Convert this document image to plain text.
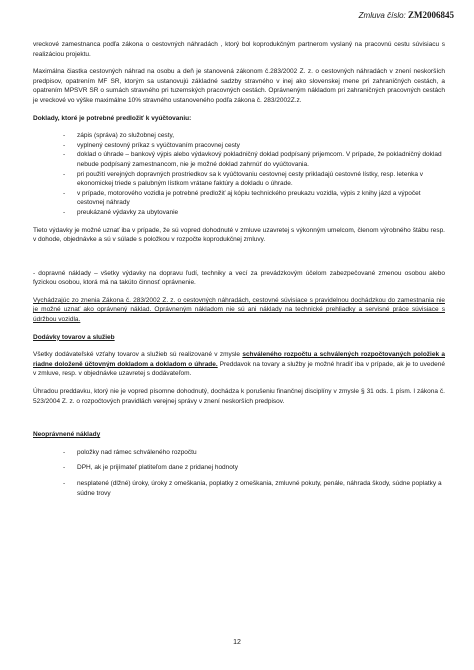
Zmluva číslo: ZM2006845

vreckové zamestnanca podľa zákona o cestovných náhradách , ktorý bol koprodukčným partnerom vyslaný na pracovnú cestu súvisiacu s realizáciou projektu.

Maximálna čiastka cestovných náhrad na osobu a deň je stanovená zákonom č.283/2002 Z. z. o cestovných náhradách v znení neskorších predpisov, opatrením MF SR, ktorým sa ustanovujú základné sadzby stravného v inej ako slovenskej mene pri zahraničných cestách, a opatrením MPSVR SR o sumách stravného pri tuzemských pracovných cestách. Oprávneným nákladom pri zahraničných pracovných cestách je vreckové vo výške maximálne 10% stravného ustanoveného podľa zákona č. 283/2002Z.z.

Doklady, ktoré je potrebné predložiť k vyúčtovaniu:
- zápis (správa) zo služobnej cesty,
- vyplnený cestovný príkaz s vyúčtovaním pracovnej cesty
- doklad o úhrade – bankový výpis alebo výdavkový pokladničný doklad podpísaný prijemcom. V prípade, že pokladničný doklad nebude podpísaný zamestnancom, nie je možné doklad zahrnúť do vyúčtovania.
- pri použití verejných dopravných prostriedkov sa k vyúčtovaniu cestovnej cesty prikladajú cestovné lístky, resp. letenka v ekonomickej triede s palubným lístkom vrátane faktúry a dokladu o úhrade.
- v prípade, motorového vozidla je potrebné predložiť aj kópiu technického preukazu vozidla, výpis z knihy jázd a výpočet cestovnej náhrady
- preukázané výdavky za ubytovanie

Tieto výdavky je možné uznať iba v prípade, že sú vopred dohodnuté v zmluve uzavretej s výkonným umelcom, členom výrobného štábu resp. v dohode, objednávke a sú v súlade s položkou v rozpočte koprodukčnej zmluvy.

- dopravné náklady – všetky výdavky na dopravu ľudí, techniky a vecí za prevádzkovým účelom zabezpečované zmenou osobou alebo fyzickou osobou, ktorá má na takúto činnosť oprávnenie.

Vychádzajúc zo znenia Zákona č. 283/2002 Z. z. o cestovných náhradách, cestovné súvisiace s pravidelnou dochádzkou do zamestnania nie je možné uznať ako oprávnený náklad. Oprávneným nákladom nie sú ani náklady na technické prehliadky a servisné práce súvisiace s údržbou vozidla.

Dodávky tovarov a služieb

Všetky dodávateľské vzťahy tovarov a služieb sú realizované v zmysle schváleného rozpočtu a schválených rozpočtovaných položiek a riadne doloženě účtovným dokladom a dokladom o úhrade. Preddavok na tovary a služby je možné hradiť iba v prípade, ak je to uvedené v zmluve, resp. v objednávke uzavretej s dodávateľom.

Úhradou preddavku, ktorý nie je vopred písomne dohodnutý, dochádza k porušeniu finančnej disciplíny v zmysle § 31 ods. 1 písm. l zákona č. 523/2004 Z. z. o rozpočtových pravidlách verejnej správy v znení neskorších predpisov.

Neoprávnené náklady
- položky nad rámec schváleného rozpočtu
- DPH, ak je prijímateľ platiteľom dane z pridanej hodnoty
- nesplatené (dlžné) úroky, úroky z omeškania, poplatky z omeškania, zmluvné pokuty, penále, náhrada škody, súdne poplatky a súdne trovy
12
